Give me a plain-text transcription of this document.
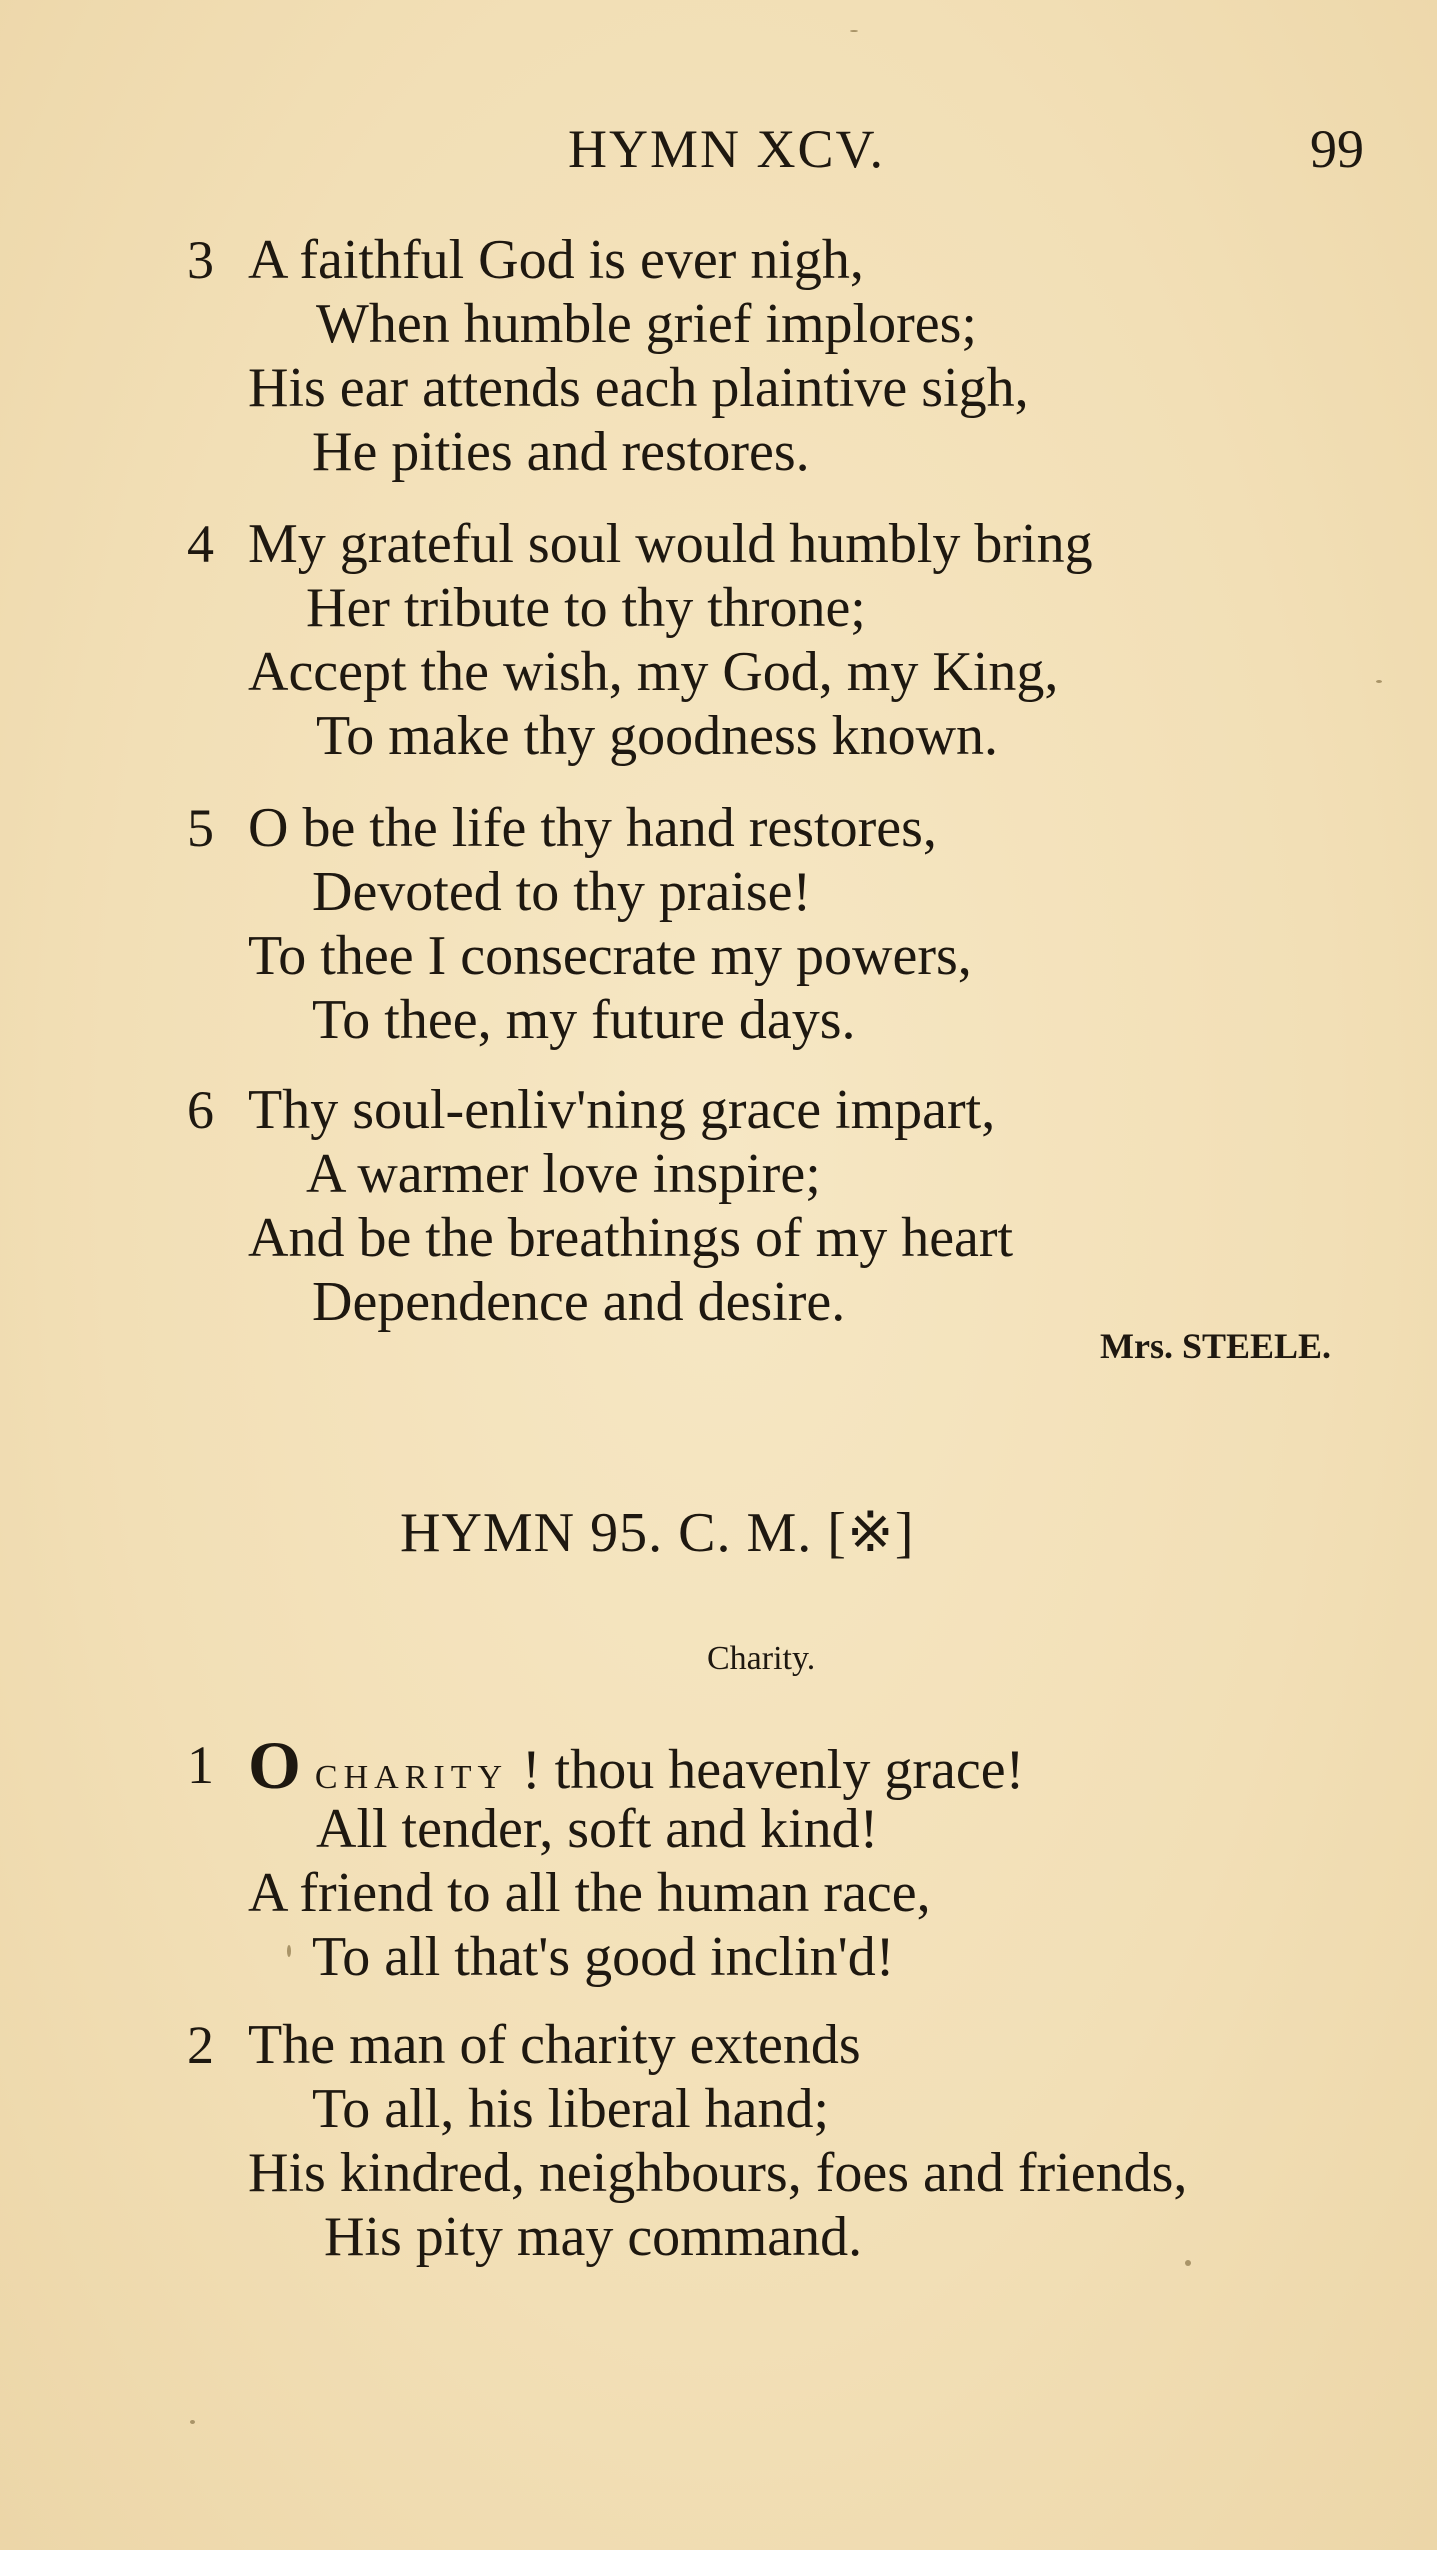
HYMN XCV.	99
3 A faithful God is ever nigh,
When humble grief implores;
His ear attends each plaintive sigh,
He pities and restores.
4 My grateful soul would humbly bring
Her tribute to thy throne;
Accept the wish, my God, my King,
To make thy goodness known.
5 O be the life thy hand restores,
Devoted to thy praise!
To thee I consecrate my powers,
To thee, my future days.
6 Thy soul-enliv'ning grace impart,
A warmer love inspire;
And be the breathings of my heart
Dependence and desire.
Mrs. STEELE.
HYMN 95. C. M. [※]
Charity.
1 O CHARITY ! thou heavenly grace!
All tender, soft and kind!
A friend to all the human race,
To all that's good inclin'd!
2 The man of charity extends
To all, his liberal hand;
His kindred, neighbours, foes and friends,
His pity may command.
